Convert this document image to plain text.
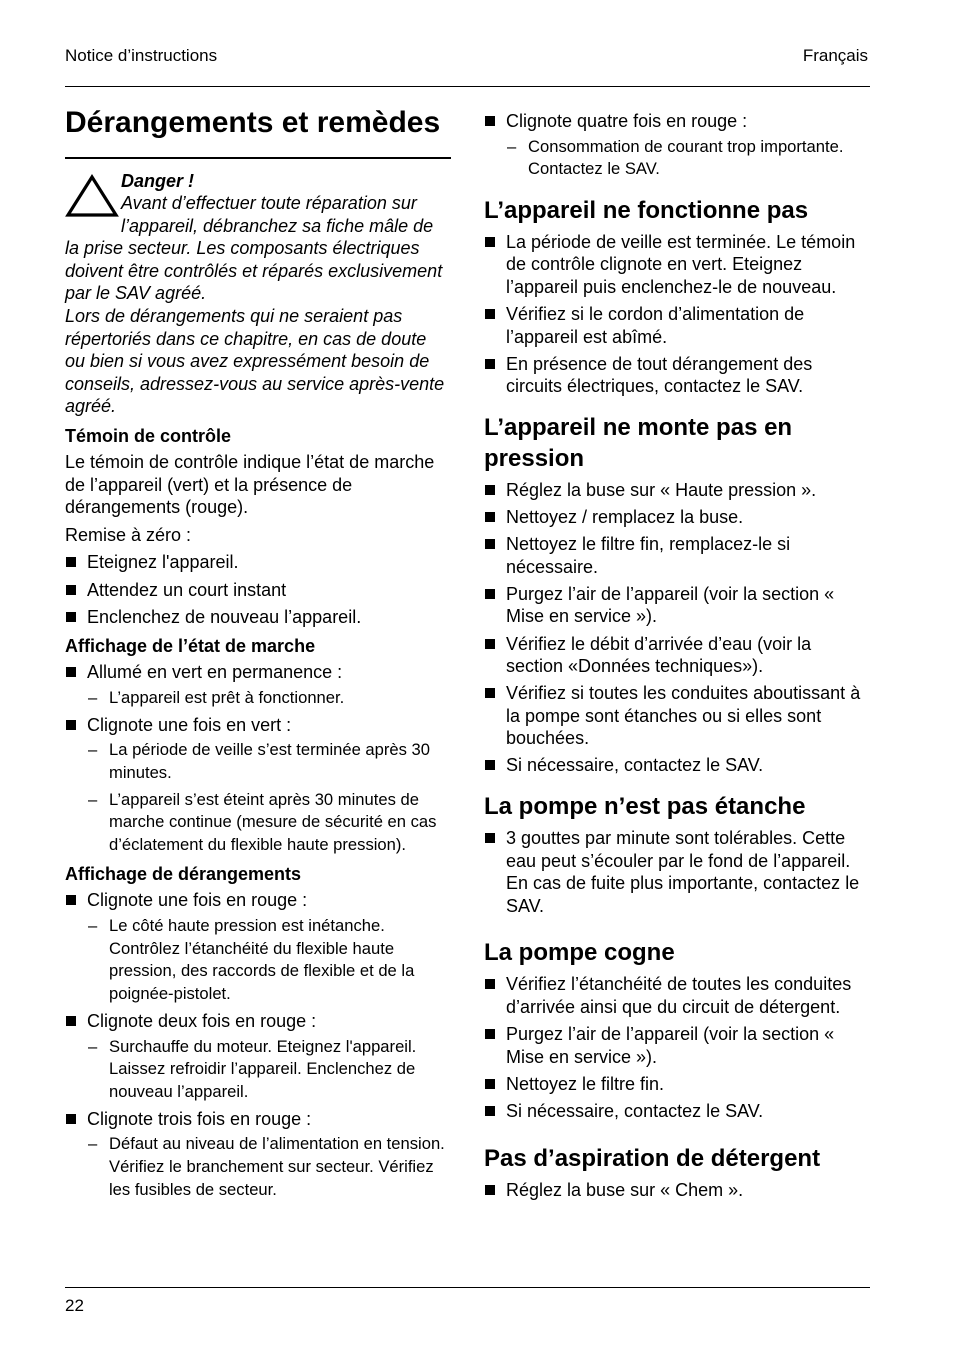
Notice d’instructions	Français
Dérangements et remèdes
Danger !

Avant d’effectuer toute réparation sur l’appareil, débranchez sa fiche mâle de la prise secteur. Les composants électriques doivent être contrôlés et réparés exclusivement par le SAV agréé.

Lors de dérangements qui ne seraient pas répertoriés dans ce chapitre, en cas de doute ou bien si vous avez expressément besoin de conseils, adressez-vous au service après-vente agréé.

Témoin de contrôle

Le témoin de contrôle indique l’état de marche de l’appareil (vert) et la présence de dérangements (rouge).

Remise à zéro :

Eteignez l'appareil.
Attendez un court instant
Enclenchez de nouveau l’appareil.
Affichage de l’état de marche
Allumé en vert en permanence :
– L’appareil est prêt à fonctionner.
Clignote une fois en vert :
– La période de veille s’est terminée après 30 minutes.
– L’appareil s’est éteint après 30 minutes de marche continue (mesure de sécurité en cas d’éclatement du flexible haute pression).
Affichage de dérangements
Clignote une fois en rouge :
– Le côté haute pression est inétanche. Contrôlez l’étanchéité du flexible haute pression, des raccords de flexible et de la poignée-pistolet.
Clignote deux fois en rouge :
– Surchauffe du moteur. Eteignez l'appareil. Laissez refroidir l’appareil. Enclenchez de nouveau l’appareil.
Clignote trois fois en rouge :
– Défaut au niveau de l’alimentation en tension. Vérifiez le branchement sur secteur. Vérifiez les fusibles de secteur.
Clignote quatre fois en rouge :
– Consommation de courant trop importante. Contactez le SAV.
L’appareil ne fonctionne pas
La période de veille est terminée. Le témoin de contrôle clignote en vert. Eteignez l’appareil puis enclenchez-le de nouveau.
Vérifiez si le cordon d’alimentation de l’appareil est abîmé.
En présence de tout dérangement des circuits électriques, contactez le SAV.
L’appareil ne monte pas en pression
Réglez la buse sur « Haute pression ».
Nettoyez / remplacez la buse.
Nettoyez le filtre fin, remplacez-le si nécessaire.
Purgez l’air de l’appareil (voir la section « Mise en service »).
Vérifiez le débit d’arrivée d’eau (voir la section «Données techniques»).
Vérifiez si toutes les conduites aboutissant à la pompe sont étanches ou si elles sont bouchées.
Si nécessaire, contactez le SAV.
La pompe n’est pas étanche
3 gouttes par minute sont tolérables. Cette eau peut s’écouler par le fond de l’appareil. En cas de fuite plus importante, contactez le SAV.
La pompe cogne
Vérifiez l’étanchéité de toutes les conduites d’arrivée ainsi que du circuit de détergent.
Purgez l’air de l’appareil (voir la section « Mise en service »).
Nettoyez le filtre fin.
Si nécessaire, contactez le SAV.
Pas d’aspiration de détergent
Réglez la buse sur « Chem ».
22
